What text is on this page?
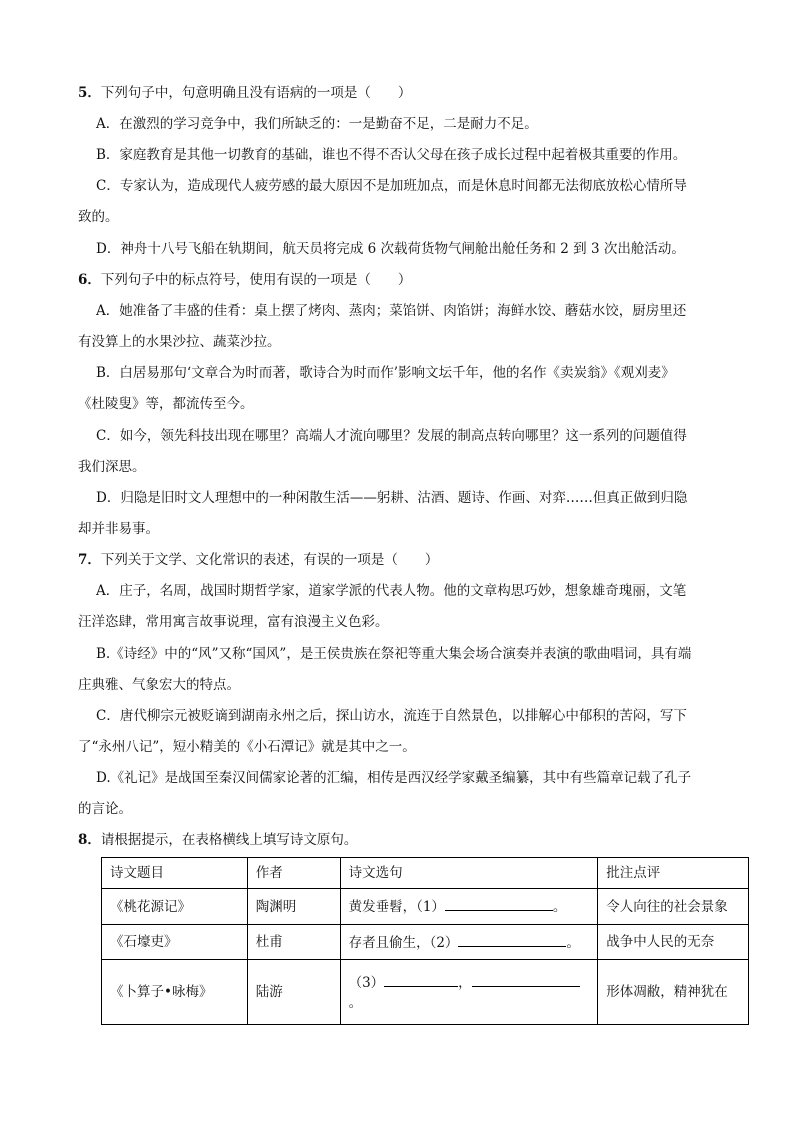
5．下列句子中，句意明确且没有语病的一项是（　　）
A．在激烈的学习竞争中，我们所缺乏的：一是勤奋不足，二是耐力不足。
B．家庭教育是其他一切教育的基础，谁也不得不否认父母在孩子成长过程中起着极其重要的作用。
C．专家认为，造成现代人疲劳感的最大原因不是加班加点，而是休息时间都无法彻底放松心情所导
致的。
D．神舟十八号飞船在轨期间，航天员将完成 6 次载荷货物气闸舱出舱任务和 2 到 3 次出舱活动。
6．下列句子中的标点符号，使用有误的一项是（　　）
A．她准备了丰盛的佳肴：桌上摆了烤肉、蒸肉；菜馅饼、肉馅饼；海鲜水饺、蘑菇水饺，厨房里还
有没算上的水果沙拉、蔬菜沙拉。
B．白居易那句‘文章合为时而著，歌诗合为时而作’影响文坛千年，他的名作《卖炭翁》《观刈麦》
《杜陵叟》等，都流传至今。
C．如今，领先科技出现在哪里？高端人才流向哪里？发展的制高点转向哪里？这一系列的问题值得
我们深思。
D．归隐是旧时文人理想中的一种闲散生活——躬耕、沽酒、题诗、作画、对弈……但真正做到归隐
却并非易事。
7．下列关于文学、文化常识的表述，有误的一项是（　　）
A．庄子，名周，战国时期哲学家，道家学派的代表人物。他的文章构思巧妙，想象雄奇瑰丽，文笔
汪洋恣肆，常用寓言故事说理，富有浪漫主义色彩。
B.《诗经》中的“风”又称“国风”，是王侯贵族在祭祀等重大集会场合演奏并表演的歌曲唱词，具有端
庄典雅、气象宏大的特点。
C．唐代柳宗元被贬谪到湖南永州之后，探山访水，流连于自然景色，以排解心中郁积的苦闷，写下
了“永州八记”，短小精美的《小石潭记》就是其中之一。
D.《礼记》是战国至秦汉间儒家论著的汇编，相传是西汉经学家戴圣编纂，其中有些篇章记载了孔子
的言论。
8．请根据提示，在表格横线上填写诗文原句。
诗文题目	作者	诗文选句	批注点评
《桃花源记》	陶渊明	黄发垂髫，（1） 。	令人向往的社会景象
《石壕吏》	杜甫	存者且偷生，（2） 。	战争中人民的无奈
《卜算子•咏梅》	陆游	（3） ，
。	形体凋敝，精神犹在
